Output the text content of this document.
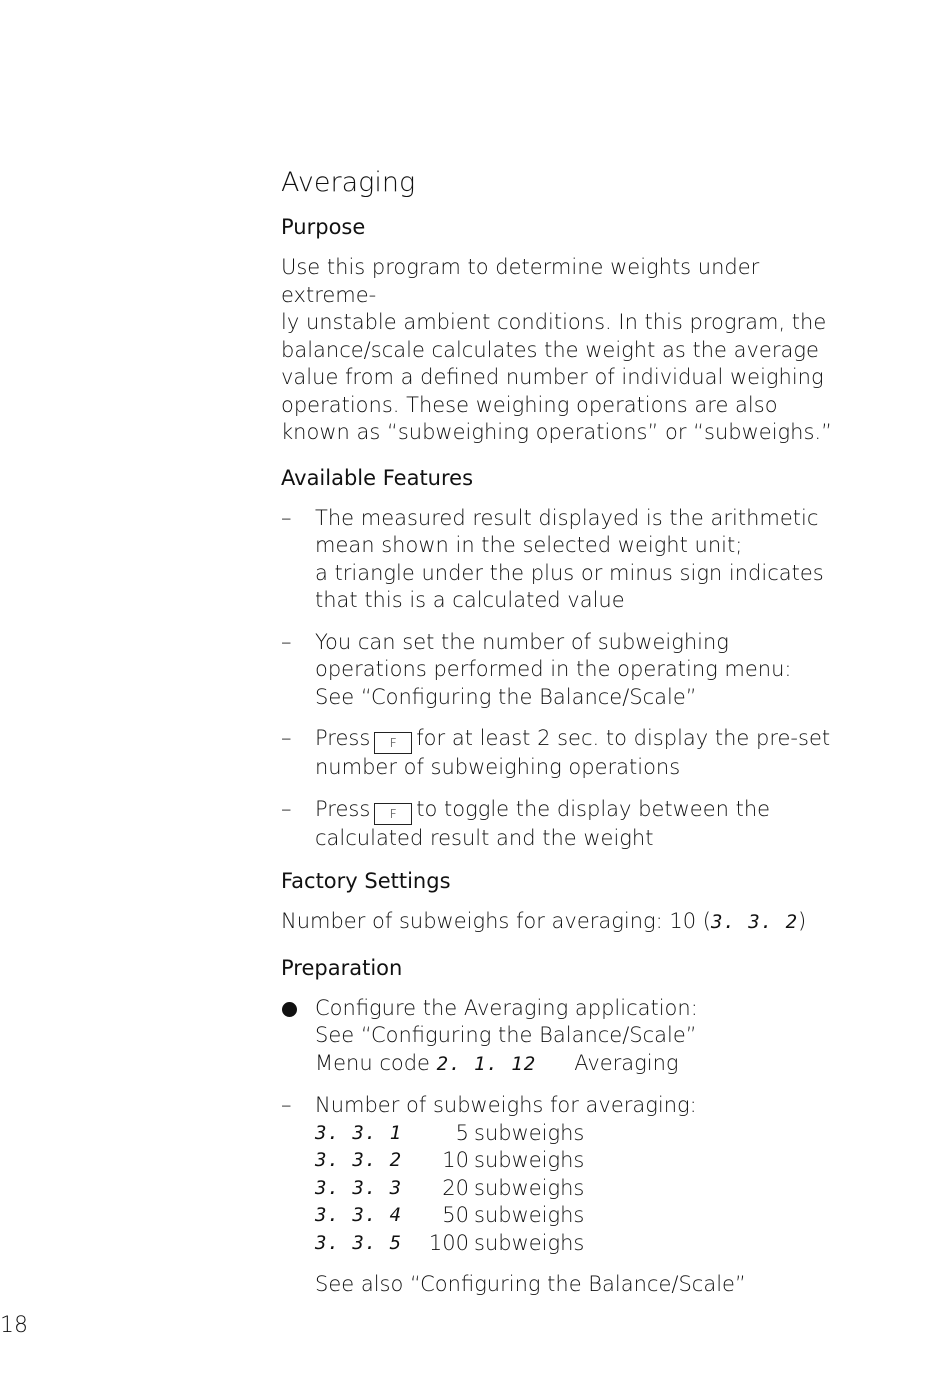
Averaging
Purpose
Use this program to determine weights under extreme-
ly unstable ambient conditions. In this program, the
balance/scale calculates the weight as the average
value from a defined number of individual weighing
operations. These weighing operations are also
known as “subweighing operations” or “subweighs.”
Available Features
–	The measured result displayed is the arithmetic
mean shown in the selected weight unit;
a triangle under the plus or minus sign indicates
that this is a calculated value
–	You can set the number of subweighing
operations performed in the operating menu:
See “Configuring the Balance/Scale”
–	Press F for at least 2 sec. to display the pre-set
number of subweighing operations
–	Press F to toggle the display between the
calculated result and the weight
Factory Settings
Number of subweighs for averaging: 10 (3. 3. 2)
Preparation
Configure the Averaging application:
See “Configuring the Balance/Scale”
Menu code 2. 1. 12 Averaging
–	Number of subweighs for averaging:
3. 3. 1	5 subweighs
3. 3. 2	10 subweighs
3. 3. 3	20 subweighs
3. 3. 4	50 subweighs
3. 3. 5	100 subweighs
See also “Configuring the Balance/Scale”
18
